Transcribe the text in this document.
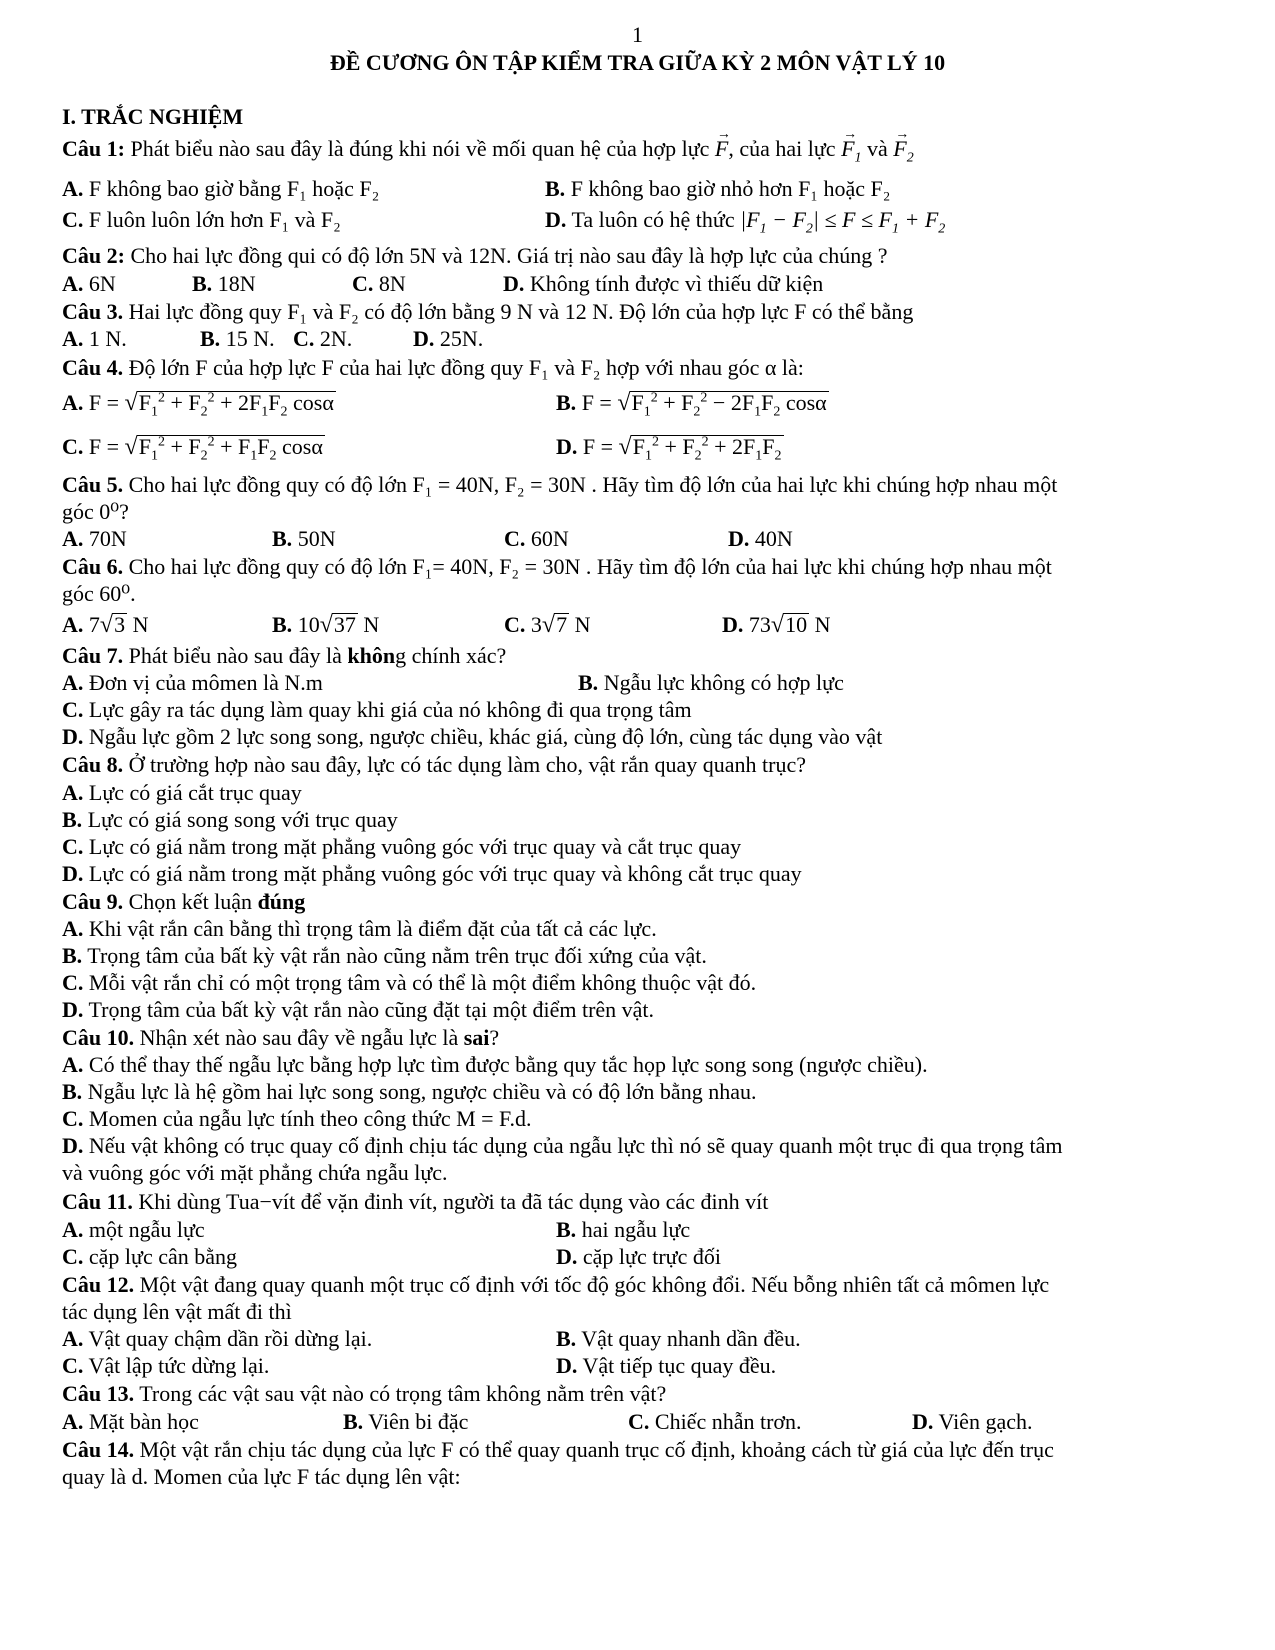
1
ĐỀ CƯƠNG ÔN TẬP KIỂM TRA GIỮA KỲ 2 MÔN VẬT LÝ 10
I. TRẮC NGHIỆM
Câu 1: Phát biểu nào sau đây là đúng khi nói về mối quan hệ của hợp lực → F, của hai lực → $F_1$ và → $F_2$
A. F không bao giờ bằng F₁ hoặc F₂	B. F không bao giờ nhỏ hơn F₁ hoặc F₂
C. F luôn luôn lớn hơn F₁ và F₂	D. Ta luôn có hệ thức $|F_1 - F_2| \le F \le F_1 + F_2$
Câu 2: Cho hai lực đồng qui có độ lớn 5N và 12N. Giá trị nào sau đây là hợp lực của chúng ?
A. 6N	B. 18N	C. 8N	D. Không tính được vì thiếu dữ kiện
Câu 3. Hai lực đồng quy F₁ và F₂ có độ lớn bằng 9 N và 12 N. Độ lớn của hợp lực F có thể bằng
A. 1 N.	B. 15 N. C. 2N.	D. 25N.
Câu 4. Độ lớn F của hợp lực F của hai lực đồng quy F₁ và F₂ hợp với nhau góc α là:
A. $F = √F_1^2 + F_2^2 + 2F_1F_2$ cosα	B. $F = √F_1^2 + F_2^2 - 2F_1F_2$ cosα
C. $F = √F_1^2 + F_2^2 + F_1F_2$ cosα	D. $F = √F_1^2 + F_2^2 + 2F_1F_2$
Câu 5. Cho hai lực đồng quy có độ lớn F₁ = 40N, F₂ = 30N . Hãy tìm độ lớn của hai lực khi chúng hợp nhau một
góc 0⁰?
A. 70N	B. 50N	C. 60N	D. 40N
Câu 6. Cho hai lực đồng quy có độ lớn F₁= 40N, F₂ = 30N . Hãy tìm độ lớn của hai lực khi chúng hợp nhau một
góc 60⁰.
A. 7√3 N	B. 10√37 N	C. 3√7 N	D. 73√10 N
Câu 7. Phát biểu nào sau đây là không chính xác?
A. Đơn vị của mômen là N.m	B. Ngẫu lực không có hợp lực
C. Lực gây ra tác dụng làm quay khi giá của nó không đi qua trọng tâm
D. Ngẫu lực gồm 2 lực song song, ngược chiều, khác giá, cùng độ lớn, cùng tác dụng vào vật
Câu 8. Ở trường hợp nào sau đây, lực có tác dụng làm cho, vật rắn quay quanh trục?
A. Lực có giá cắt trục quay
B. Lực có giá song song với trục quay
C. Lực có giá nằm trong mặt phẳng vuông góc với trục quay và cắt trục quay
D. Lực có giá nằm trong mặt phẳng vuông góc với trục quay và không cắt trục quay
Câu 9. Chọn kết luận đúng
A. Khi vật rắn cân bằng thì trọng tâm là điểm đặt của tất cả các lực.
B. Trọng tâm của bất kỳ vật rắn nào cũng nằm trên trục đối xứng của vật.
C. Mỗi vật rắn chỉ có một trọng tâm và có thể là một điểm không thuộc vật đó.
D. Trọng tâm của bất kỳ vật rắn nào cũng đặt tại một điểm trên vật.
Câu 10. Nhận xét nào sau đây về ngẫu lực là sai?
A. Có thể thay thế ngẫu lực bằng hợp lực tìm được bằng quy tắc họp lực song song (ngược chiều).
B. Ngẫu lực là hệ gồm hai lực song song, ngược chiều và có độ lớn bằng nhau.
C. Momen của ngẫu lực tính theo công thức M = F.d.
D. Nếu vật không có trục quay cố định chịu tác dụng của ngẫu lực thì nó sẽ quay quanh một trục đi qua trọng tâm
và vuông góc với mặt phẳng chứa ngẫu lực.
Câu 11. Khi dùng Tua−vít để vặn đinh vít, người ta đã tác dụng vào các đinh vít
A. một ngẫu lực	B. hai ngẫu lực
C. cặp lực cân bằng	D. cặp lực trực đối
Câu 12. Một vật đang quay quanh một trục cố định với tốc độ góc không đổi. Nếu bỗng nhiên tất cả mômen lực
tác dụng lên vật mất đi thì
A. Vật quay chậm dần rồi dừng lại.	B. Vật quay nhanh dần đều.
C. Vật lập tức dừng lại.	D. Vật tiếp tục quay đều.
Câu 13. Trong các vật sau vật nào có trọng tâm không nằm trên vật?
A. Mặt bàn học	B. Viên bi đặc	C. Chiếc nhẫn trơn.	D. Viên gạch.
Câu 14. Một vật rắn chịu tác dụng của lực F có thể quay quanh trục cố định, khoảng cách từ giá của lực đến trục
quay là d. Momen của lực F tác dụng lên vật:
